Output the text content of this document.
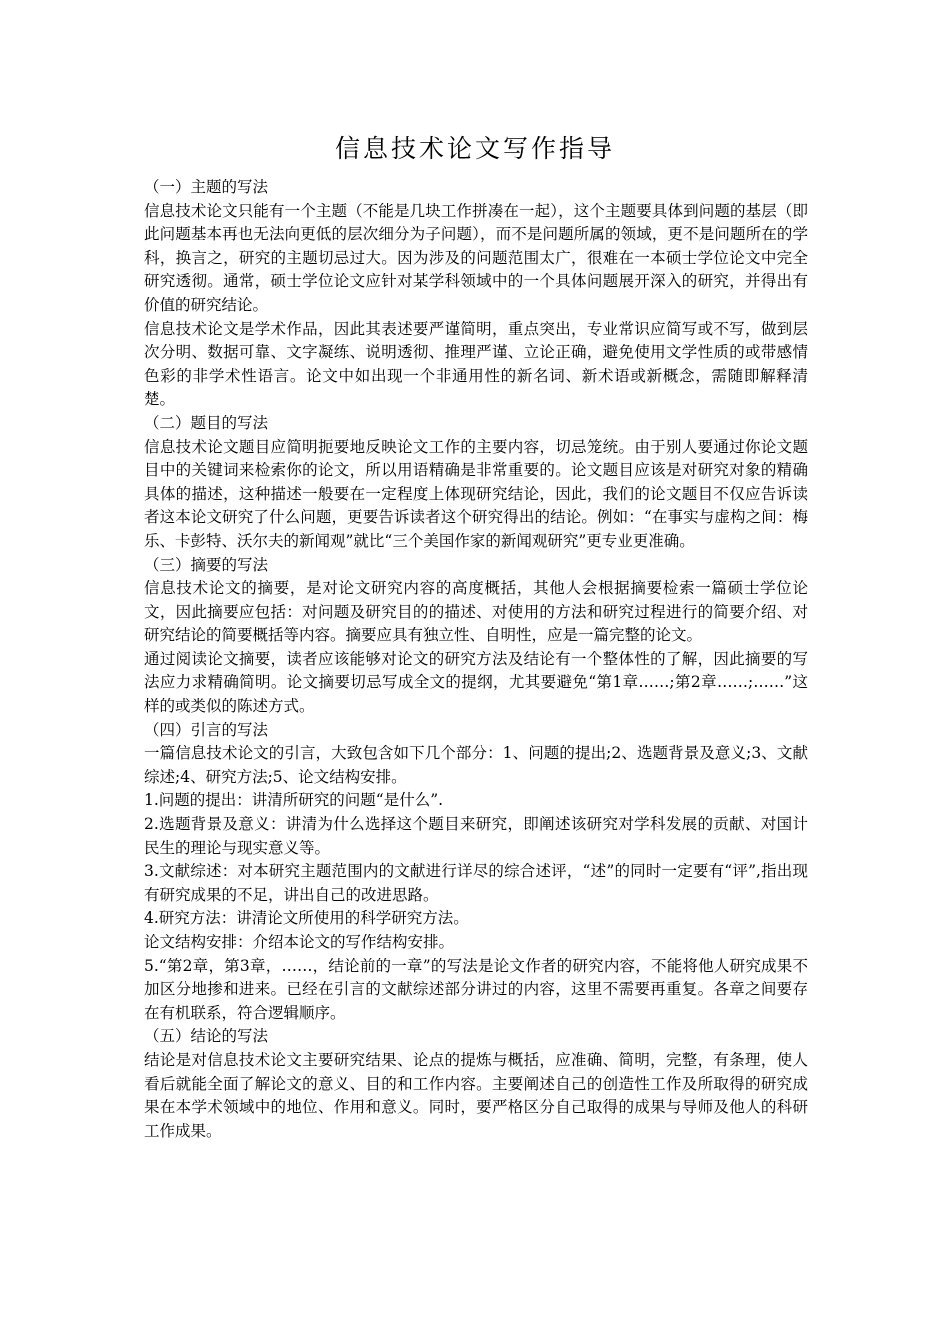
信息技术论文写作指导

（一）主题的写法

信息技术论文只能有一个主题（不能是几块工作拼凑在一起），这个主题要具体到问题的基层（即此问题基本再也无法向更低的层次细分为子问题），而不是问题所属的领域，更不是问题所在的学科，换言之，研究的主题切忌过大。因为涉及的问题范围太广，很难在一本硕士学位论文中完全研究透彻。通常，硕士学位论文应针对某学科领域中的一个具体问题展开深入的研究，并得出有价值的研究结论。

信息技术论文是学术作品，因此其表述要严谨简明，重点突出，专业常识应简写或不写，做到层次分明、数据可靠、文字凝练、说明透彻、推理严谨、立论正确，避免使用文学性质的或带感情色彩的非学术性语言。论文中如出现一个非通用性的新名词、新术语或新概念，需随即解释清楚。

（二）题目的写法

信息技术论文题目应简明扼要地反映论文工作的主要内容，切忌笼统。由于别人要通过你论文题目中的关键词来检索你的论文，所以用语精确是非常重要的。论文题目应该是对研究对象的精确具体的描述，这种描述一般要在一定程度上体现研究结论，因此，我们的论文题目不仅应告诉读者这本论文研究了什么问题，更要告诉读者这个研究得出的结论。例如：“在事实与虚构之间：梅乐、卡彭特、沃尔夫的新闻观”就比“三个美国作家的新闻观研究”更专业更准确。

（三）摘要的写法

信息技术论文的摘要，是对论文研究内容的高度概括，其他人会根据摘要检索一篇硕士学位论文，因此摘要应包括：对问题及研究目的的描述、对使用的方法和研究过程进行的简要介绍、对研究结论的简要概括等内容。摘要应具有独立性、自明性，应是一篇完整的论文。

通过阅读论文摘要，读者应该能够对论文的研究方法及结论有一个整体性的了解，因此摘要的写法应力求精确简明。论文摘要切忌写成全文的提纲，尤其要避免“第1章……;第2章……;……”这样的或类似的陈述方式。

（四）引言的写法

一篇信息技术论文的引言，大致包含如下几个部分：1、问题的提出;2、选题背景及意义;3、文献综述;4、研究方法;5、论文结构安排。

1.问题的提出：讲清所研究的问题“是什么”.

2.选题背景及意义：讲清为什么选择这个题目来研究，即阐述该研究对学科发展的贡献、对国计民生的理论与现实意义等。

3.文献综述：对本研究主题范围内的文献进行详尽的综合述评，“述”的同时一定要有“评”,指出现有研究成果的不足，讲出自己的改进思路。

4.研究方法：讲清论文所使用的科学研究方法。

论文结构安排：介绍本论文的写作结构安排。

5.“第2章，第3章，……，结论前的一章”的写法是论文作者的研究内容，不能将他人研究成果不加区分地掺和进来。已经在引言的文献综述部分讲过的内容，这里不需要再重复。各章之间要存在有机联系，符合逻辑顺序。

（五）结论的写法

结论是对信息技术论文主要研究结果、论点的提炼与概括，应准确、简明，完整，有条理，使人看后就能全面了解论文的意义、目的和工作内容。主要阐述自己的创造性工作及所取得的研究成果在本学术领域中的地位、作用和意义。同时，要严格区分自己取得的成果与导师及他人的科研工作成果。
